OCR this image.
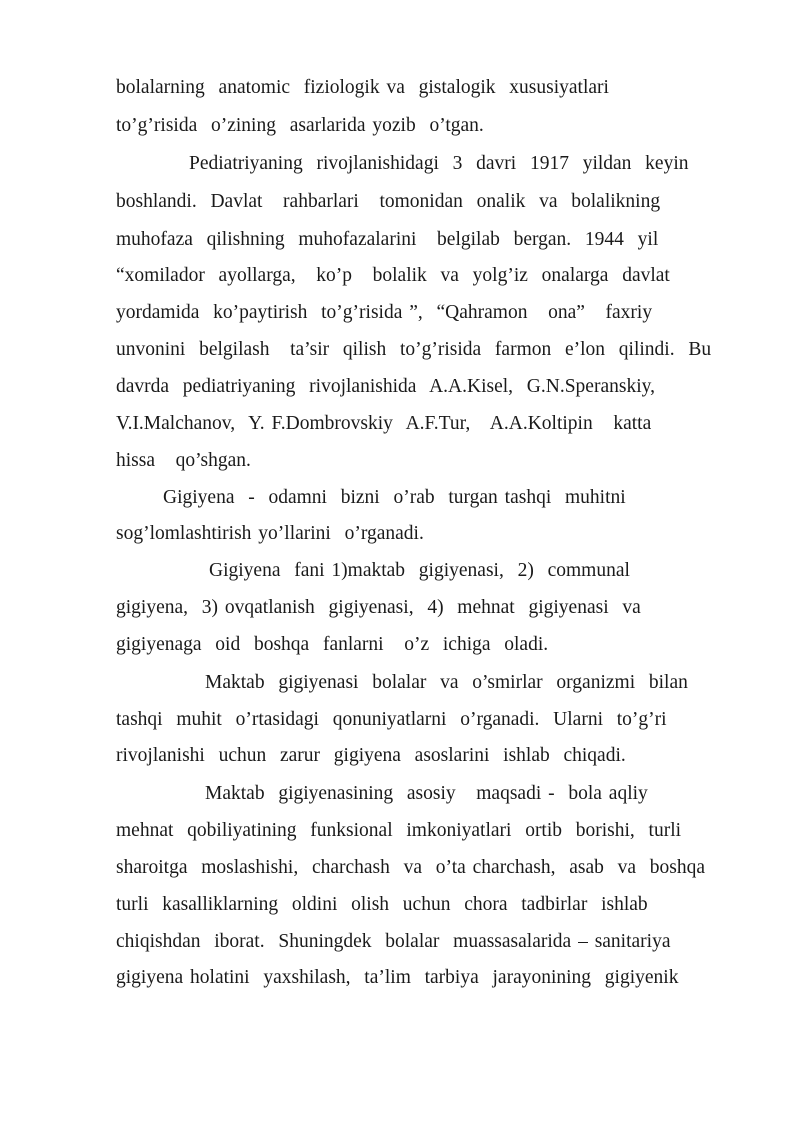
bolalarning  anatomic  fiziologik va  gistalogik  xususiyatlari
to’g’risida  o’zining  asarlarida yozib  o’tgan.
Pediatriyaning  rivojlanishidagi  3  davri  1917  yildan  keyin
boshlandi.  Davlat   rahbarlari   tomonidan  onalik  va  bolalikning
muhofaza  qilishning  muhofazalarini   belgilab  bergan.  1944  yil
“xomilador  ayollarga,   ko’p   bolalik  va  yolg’iz  onalarga  davlat
yordamida  ko’paytirish  to’g’risida ”,  “Qahramon   ona”   faxriy
unvonini  belgilash   ta’sir  qilish  to’g’risida  farmon  e’lon  qilindi.  Bu
davrda  pediatriyaning  rivojlanishida  A.A.Kisel,  G.N.Speranskiy,
V.I.Malchanov,  Y. F.Dombrovskiy  A.F.Tur,   A.A.Koltipin   katta
hissa   qo’shgan.
Gigiyena  -  odamni  bizni  o’rab  turgan tashqi  muhitni
sog’lomlashtirish yo’llarini  o’rganadi.
Gigiyena  fani 1)maktab  gigiyenasi,  2)  communal
gigiyena,  3) ovqatlanish  gigiyenasi,  4)  mehnat  gigiyenasi  va
gigiyenaga  oid  boshqa  fanlarni   o’z  ichiga  oladi.
Maktab  gigiyenasi  bolalar  va  o’smirlar  organizmi  bilan
tashqi  muhit  o’rtasidagi  qonuniyatlarni  o’rganadi.  Ularni  to’g’ri
rivojlanishi  uchun  zarur  gigiyena  asoslarini  ishlab  chiqadi.
Maktab  gigiyenasining  asosiy   maqsadi -  bola aqliy
mehnat  qobiliyatining  funksional  imkoniyatlari  ortib  borishi,  turli
sharoitga  moslashishi,  charchash  va  o’ta charchash,  asab  va  boshqa
turli  kasalliklarning  oldini  olish  uchun  chora  tadbirlar  ishlab
chiqishdan  iborat.  Shuningdek  bolalar  muassasalarida – sanitariya
gigiyena holatini  yaxshilash,  ta’lim  tarbiya  jarayonining  gigiyenik
